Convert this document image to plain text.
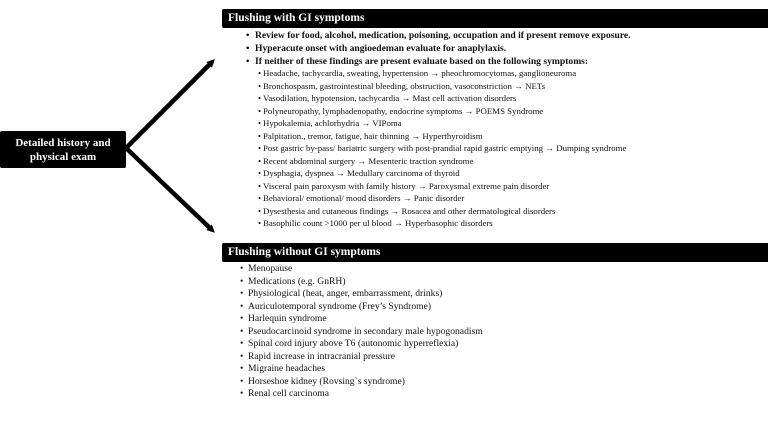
Detailed history and
physical exam
Flushing with GI symptoms
• Review for food, alcohol, medication, poisoning, occupation and if present remove exposure.
• Hyperacute onset with angioedeman evaluate for anaplylaxis.
• If neither of these findings are present evaluate based on the following symptoms:
• Headache, tachycardia, sweating, hypertension → pheochromocytomas, ganglioneuroma
• Bronchospasm, gastrointestinal bleeding, obstruction, vasoconstriction → NETs
• Vasodilation, hypotension, tachycardia → Mast cell activation disorders
• Polyneuropathy, lymphadenopathy, endocrine symptoms → POEMS Syndrome
• Hypokalemia, achlorhydria → VIPoma
• Palpitation., tremor, fatigue, hair thinning → Hyperthyroidism
• Post gastric by-pass/ bariatric surgery with post-prandial rapid gastric emptying → Dumping syndrome
• Recent abdominal surgery → Mesenteric traction syndrome
• Dysphagia, dyspnea → Medullary carcinoma of thyroid
• Visceral pain paroxysm with family history → Paroxysmal extreme pain disorder
• Behavioral/ emotional/ mood disorders → Panic disorder
• Dysesthesia and cutaneous findings → Rosacea and other dermatological disorders
• Basophilic count >1000 per ul blood → Hyperbasophic disorders
Flushing without GI symptoms
• Menopause
• Medications (e.g. GnRH)
• Physiological (heat, anger, embarrassment, drinks)
• Auriculotemporal syndrome (Frey’s Syndrome)
• Harlequin syndrome
• Pseudocarcinoid syndrome in secondary male hypogonadism
• Spinal cord injury above T6 (autonomic hyperreflexia)
• Rapid increase in intracranial pressure
• Migraine headaches
• Horseshoe kidney (Rovsing`s syndrome)
• Renal cell carcinoma
